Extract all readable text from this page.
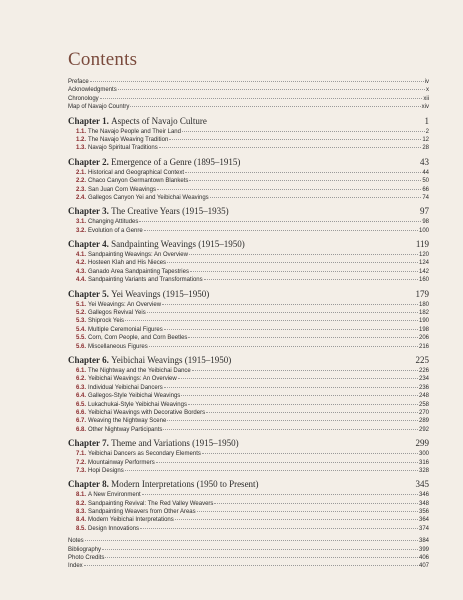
Contents
Preface	iv
Acknowledgments	x
Chronology	xii
Map of Navajo Country	xiv
Chapter 1.
Aspects of Navajo Culture	1
1.1. The Navajo People and Their Land	2
1.2. The Navajo Weaving Tradition	12
1.3. Navajo Spiritual Traditions	28
Chapter 2.
Emergence of a Genre (1895–1915)	43
2.1. Historical and Geographical Context	44
2.2. Chaco Canyon Germantown Blankets	50
2.3. San Juan Corn Weavings	66
2.4. Gallegos Canyon Yei and Yeibichai Weavings	74
Chapter 3.
The Creative Years (1915–1935)	97
3.1. Changing Attitudes	98
3.2. Evolution of a Genre	100
Chapter 4.
Sandpainting Weavings (1915–1950)	119
4.1. Sandpainting Weavings: An Overview	120
4.2. Hosteen Klah and His Nieces	124
4.3. Ganado Area Sandpainting Tapestries	142
4.4. Sandpainting Variants and Transformations	160
Chapter 5.
Yei Weavings (1915–1950)	179
5.1. Yei Weavings: An Overview	180
5.2. Gallegos Revival Yeis	182
5.3. Shiprock Yeis	190
5.4. Multiple Ceremonial Figures	198
5.5. Corn, Corn People, and Corn Beetles	206
5.6. Miscellaneous Figures	216
Chapter 6.
Yeibichai Weavings (1915–1950)	225
6.1. The Nightway and the Yeibichai Dance	226
6.2. Yeibichai Weavings: An Overview	234
6.3. Individual Yeibichai Dancers	236
6.4. Gallegos-Style Yeibichai Weavings	248
6.5. Lukachukai-Style Yeibichai Weavings	258
6.6. Yeibichai Weavings with Decorative Borders	270
6.7. Weaving the Nightway Scene	289
6.8. Other Nightway Participants	292
Chapter 7.
Theme and Variations (1915–1950)	299
7.1. Yeibichai Dancers as Secondary Elements	300
7.2. Mountainway Performers	316
7.3. Hopi Designs	328
Chapter 8.
Modern Interpretations (1950 to Present)	345
8.1. A New Environment	346
8.2. Sandpainting Revival: The Red Valley Weavers	348
8.3. Sandpainting Weavers from Other Areas	356
8.4. Modern Yeibichai Interpretations	364
8.5. Design Innovations	374
Notes	384
Bibliography	399
Photo Credits	406
Index	407
